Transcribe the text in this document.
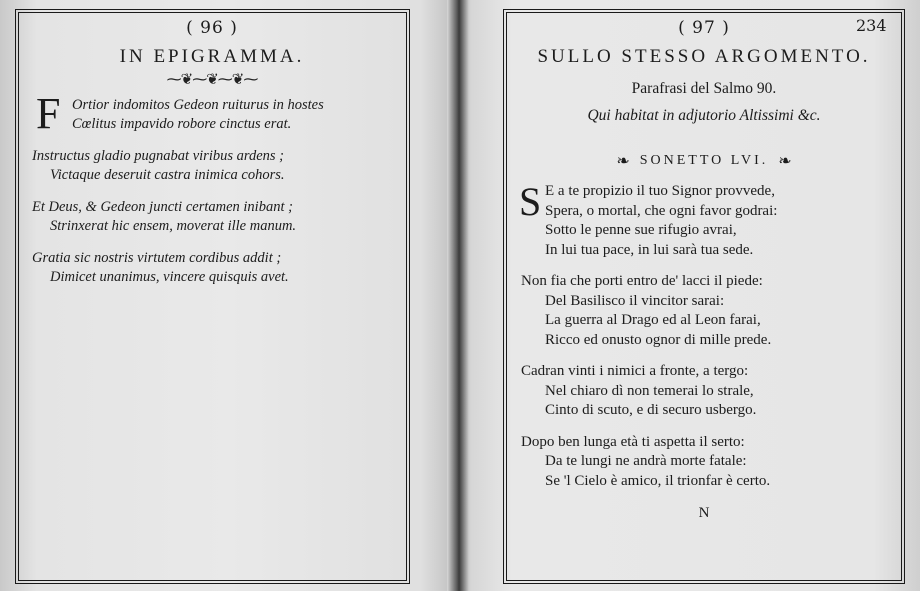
( 96 )

IN EPIGRAMMA.

⁓❦⁓❦⁓❦⁓
F Ortior indomitos Gedeon ruiturus in hostes
Cœlitus impavido robore cinctus erat.
Instructus gladio pugnabat viribus ardens ;
Victaque deseruit castra inimica cohors.
Et Deus, & Gedeon juncti certamen inibant ;
Strinxerat hic ensem, moverat ille manum.
Gratia sic nostris virtutem cordibus addit ;
Dimicet unanimus, vincere quisquis avet.

( 97 )

SULLO STESSO ARGOMENTO.

Parafrasi del Salmo 90.

Qui habitat in adjutorio Altissimi &c.

❧ SONETTO LVI. ❧
S E a te propizio il tuo Signor provvede,
Spera, o mortal, che ogni favor godrai:
Sotto le penne sue rifugio avrai,
In lui tua pace, in lui sarà tua sede.
Non fia che porti entro de' lacci il piede:
Del Basilisco il vincitor sarai:
La guerra al Drago ed al Leon farai,
Ricco ed onusto ognor di mille prede.
Cadran vinti i nimici a fronte, a tergo:
Nel chiaro dì non temerai lo strale,
Cinto di scuto, e di securo usbergo.
Dopo ben lunga età ti aspetta il serto:
Da te lungi ne andrà morte fatale:
Se 'l Cielo è amico, il trionfar è certo.
N
234
